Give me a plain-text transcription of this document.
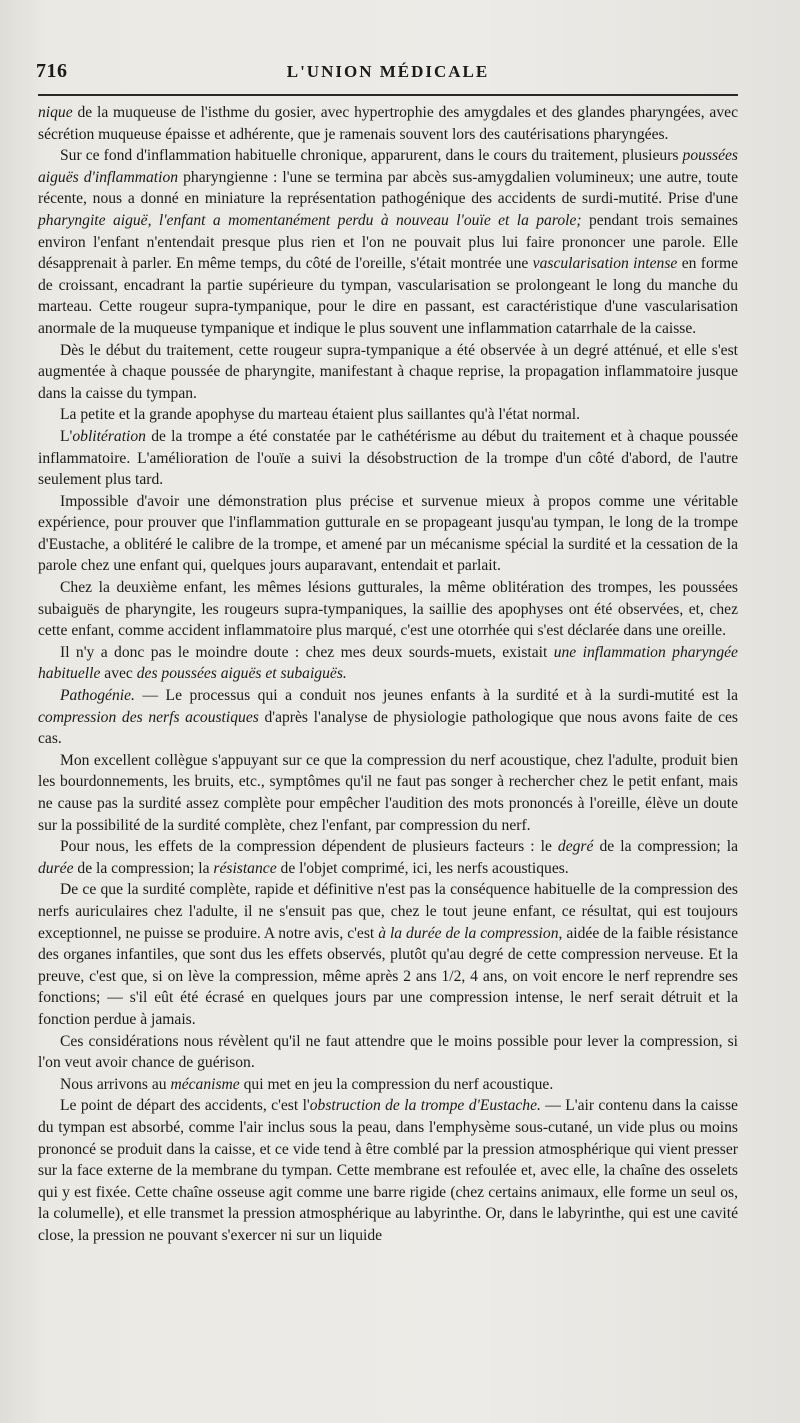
716	L'UNION MÉDICALE

nique de la muqueuse de l'isthme du gosier, avec hypertrophie des amygdales et des glandes pharyngées, avec sécrétion muqueuse épaisse et adhérente, que je ramenais souvent lors des cautérisations pharyngées.

Sur ce fond d'inflammation habituelle chronique, apparurent, dans le cours du traitement, plusieurs poussées aiguës d'inflammation pharyngienne : l'une se termina par abcès sus-amygdalien volumineux; une autre, toute récente, nous a donné en miniature la représentation pathogénique des accidents de surdi-mutité. Prise d'une pharyngite aiguë, l'enfant a momentanément perdu à nouveau l'ouïe et la parole; pendant trois semaines environ l'enfant n'entendait presque plus rien et l'on ne pouvait plus lui faire prononcer une parole. Elle désapprenait à parler. En même temps, du côté de l'oreille, s'était montrée une vascularisation intense en forme de croissant, encadrant la partie supérieure du tympan, vascularisation se prolongeant le long du manche du marteau. Cette rougeur supra-tympanique, pour le dire en passant, est caractéristique d'une vascularisation anormale de la muqueuse tympanique et indique le plus souvent une inflammation catarrhale de la caisse.

Dès le début du traitement, cette rougeur supra-tympanique a été observée à un degré atténué, et elle s'est augmentée à chaque poussée de pharyngite, manifestant à chaque reprise, la propagation inflammatoire jusque dans la caisse du tympan.

La petite et la grande apophyse du marteau étaient plus saillantes qu'à l'état normal.

L'oblitération de la trompe a été constatée par le cathétérisme au début du traitement et à chaque poussée inflammatoire. L'amélioration de l'ouïe a suivi la désobstruction de la trompe d'un côté d'abord, de l'autre seulement plus tard.

Impossible d'avoir une démonstration plus précise et survenue mieux à propos comme une véritable expérience, pour prouver que l'inflammation gutturale en se propageant jusqu'au tympan, le long de la trompe d'Eustache, a oblitéré le calibre de la trompe, et amené par un mécanisme spécial la surdité et la cessation de la parole chez une enfant qui, quelques jours auparavant, entendait et parlait.

Chez la deuxième enfant, les mêmes lésions gutturales, la même oblitération des trompes, les poussées subaiguës de pharyngite, les rougeurs supra-tympaniques, la saillie des apophyses ont été observées, et, chez cette enfant, comme accident inflammatoire plus marqué, c'est une otorrhée qui s'est déclarée dans une oreille.

Il n'y a donc pas le moindre doute : chez mes deux sourds-muets, existait une inflammation pharyngée habituelle avec des poussées aiguës et subaiguës.

Pathogénie. — Le processus qui a conduit nos jeunes enfants à la surdité et à la surdi-mutité est la compression des nerfs acoustiques d'après l'analyse de physiologie pathologique que nous avons faite de ces cas.

Mon excellent collègue s'appuyant sur ce que la compression du nerf acoustique, chez l'adulte, produit bien les bourdonnements, les bruits, etc., symptômes qu'il ne faut pas songer à rechercher chez le petit enfant, mais ne cause pas la surdité assez complète pour empêcher l'audition des mots prononcés à l'oreille, élève un doute sur la possibilité de la surdité complète, chez l'enfant, par compression du nerf.

Pour nous, les effets de la compression dépendent de plusieurs facteurs : le degré de la compression; la durée de la compression; la résistance de l'objet comprimé, ici, les nerfs acoustiques.

De ce que la surdité complète, rapide et définitive n'est pas la conséquence habituelle de la compression des nerfs auriculaires chez l'adulte, il ne s'ensuit pas que, chez le tout jeune enfant, ce résultat, qui est toujours exceptionnel, ne puisse se produire. A notre avis, c'est à la durée de la compression, aidée de la faible résistance des organes infantiles, que sont dus les effets observés, plutôt qu'au degré de cette compression nerveuse. Et la preuve, c'est que, si on lève la compression, même après 2 ans 1/2, 4 ans, on voit encore le nerf reprendre ses fonctions; — s'il eût été écrasé en quelques jours par une compression intense, le nerf serait détruit et la fonction perdue à jamais.

Ces considérations nous révèlent qu'il ne faut attendre que le moins possible pour lever la compression, si l'on veut avoir chance de guérison.

Nous arrivons au mécanisme qui met en jeu la compression du nerf acoustique.

Le point de départ des accidents, c'est l'obstruction de la trompe d'Eustache. — L'air contenu dans la caisse du tympan est absorbé, comme l'air inclus sous la peau, dans l'emphysème sous-cutané, un vide plus ou moins prononcé se produit dans la caisse, et ce vide tend à être comblé par la pression atmosphérique qui vient presser sur la face externe de la membrane du tympan. Cette membrane est refoulée et, avec elle, la chaîne des osselets qui y est fixée. Cette chaîne osseuse agit comme une barre rigide (chez certains animaux, elle forme un seul os, la columelle), et elle transmet la pression atmosphérique au labyrinthe. Or, dans le labyrinthe, qui est une cavité close, la pression ne pouvant s'exercer ni sur un liquide
